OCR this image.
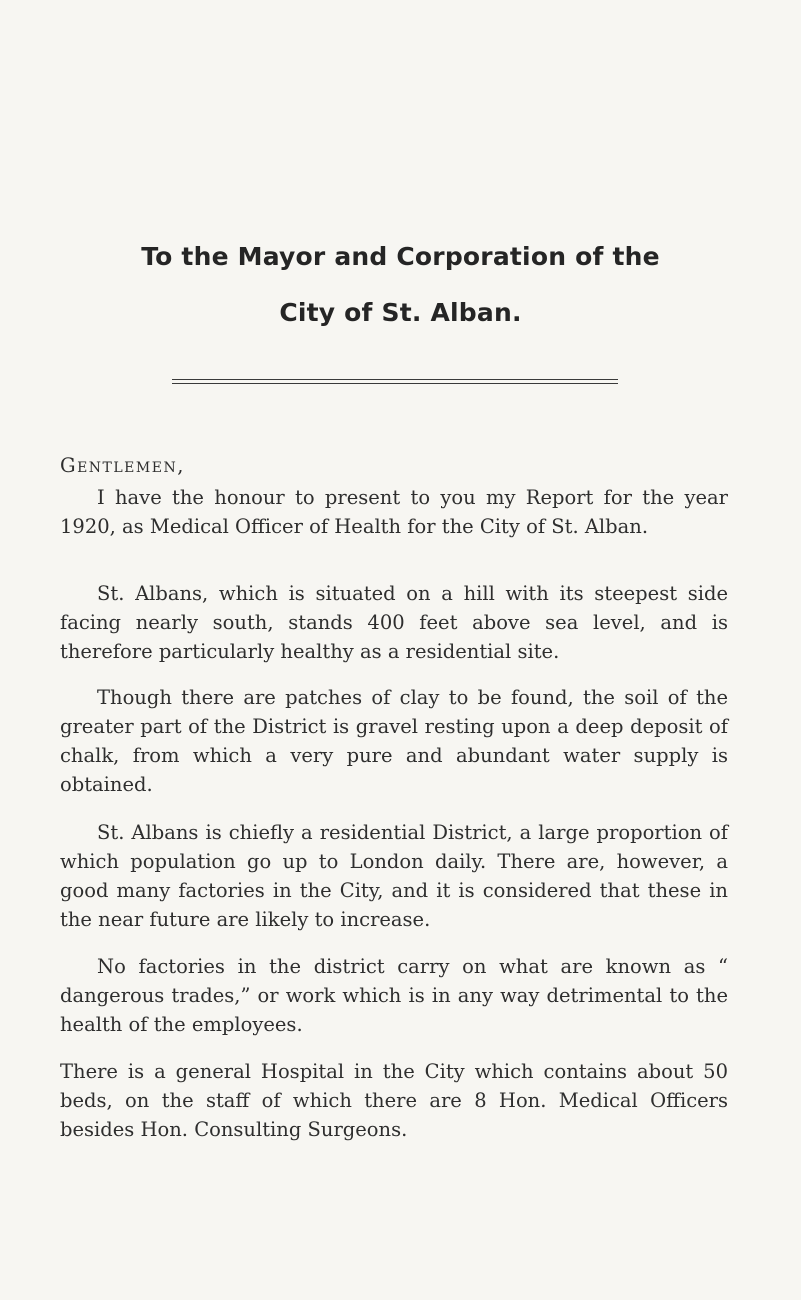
To the Mayor and Corporation of the
City of St. Alban.
Gentlemen,

I have the honour to present to you my Report for the year 1920, as Medical Officer of Health for the City of St. Alban.

St. Albans, which is situated on a hill with its steepest side facing nearly south, stands 400 feet above sea level, and is therefore particularly healthy as a residential site.

Though there are patches of clay to be found, the soil of the greater part of the District is gravel resting upon a deep deposit of chalk, from which a very pure and abundant water supply is obtained.

St. Albans is chiefly a residential District, a large proportion of which population go up to London daily. There are, however, a good many factories in the City, and it is considered that these in the near future are likely to increase.

No factories in the district carry on what are known as “ dangerous trades,” or work which is in any way detrimental to the health of the employees.

There is a general Hospital in the City which contains about 50 beds, on the staff of which there are 8 Hon. Medical Officers besides Hon. Consulting Surgeons.
